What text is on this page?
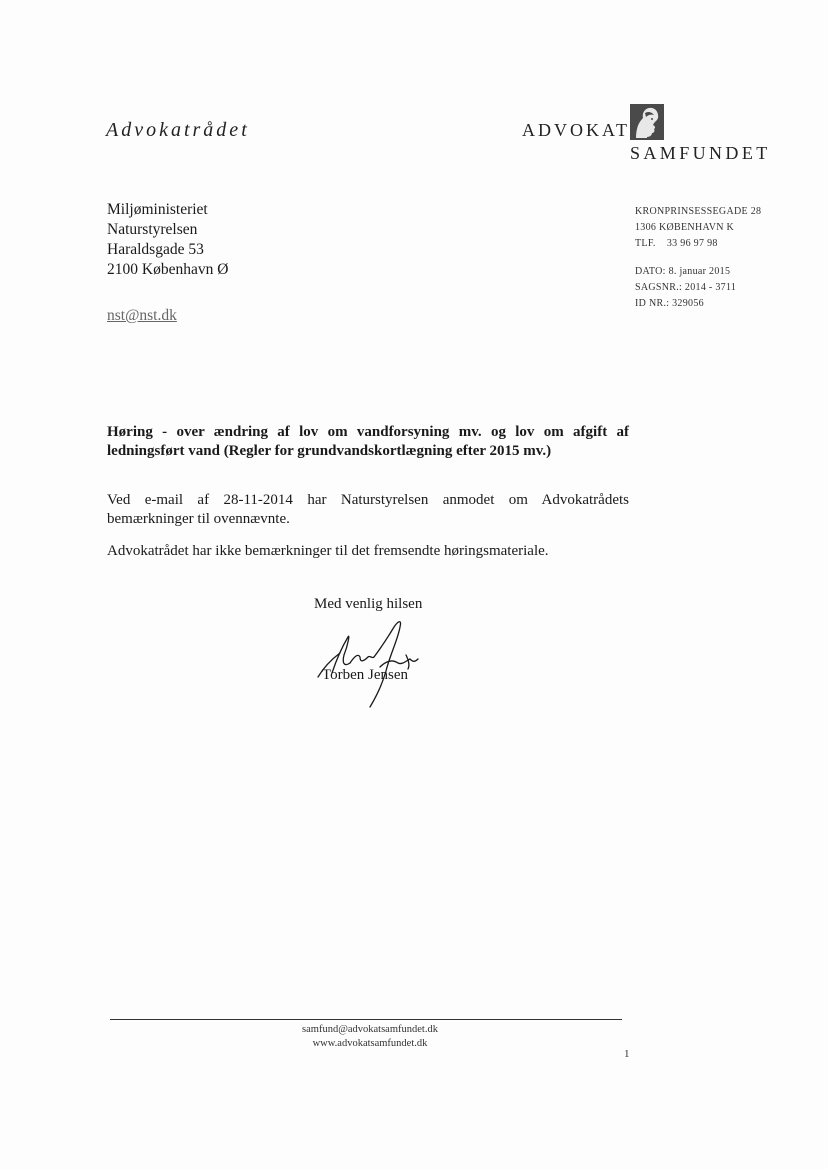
Advokatrådet	ADVOKAT
SAMFUNDET
Miljøministeriet
Naturstyrelsen
Haraldsgade 53
2100 København Ø
nst@nst.dk
KRONPRINSESSEGADE 28
1306 KØBENHAVN K
TLF.    33 96 97 98
DATO: 8. januar 2015
SAGSNR.: 2014 - 3711
ID NR.: 329056
Høring - over ændring af lov om vandforsyning mv. og lov om afgift af ledningsført vand (Regler for grundvandskortlægning efter 2015 mv.)
Ved e-mail af 28-11-2014 har Naturstyrelsen anmodet om Advokatrådets bemærkninger til ovennævnte.
Advokatrådet har ikke bemærkninger til det fremsendte høringsmateriale.
Med venlig hilsen
Torben Jensen
samfund@advokatsamfundet.dk
www.advokatsamfundet.dk
1
